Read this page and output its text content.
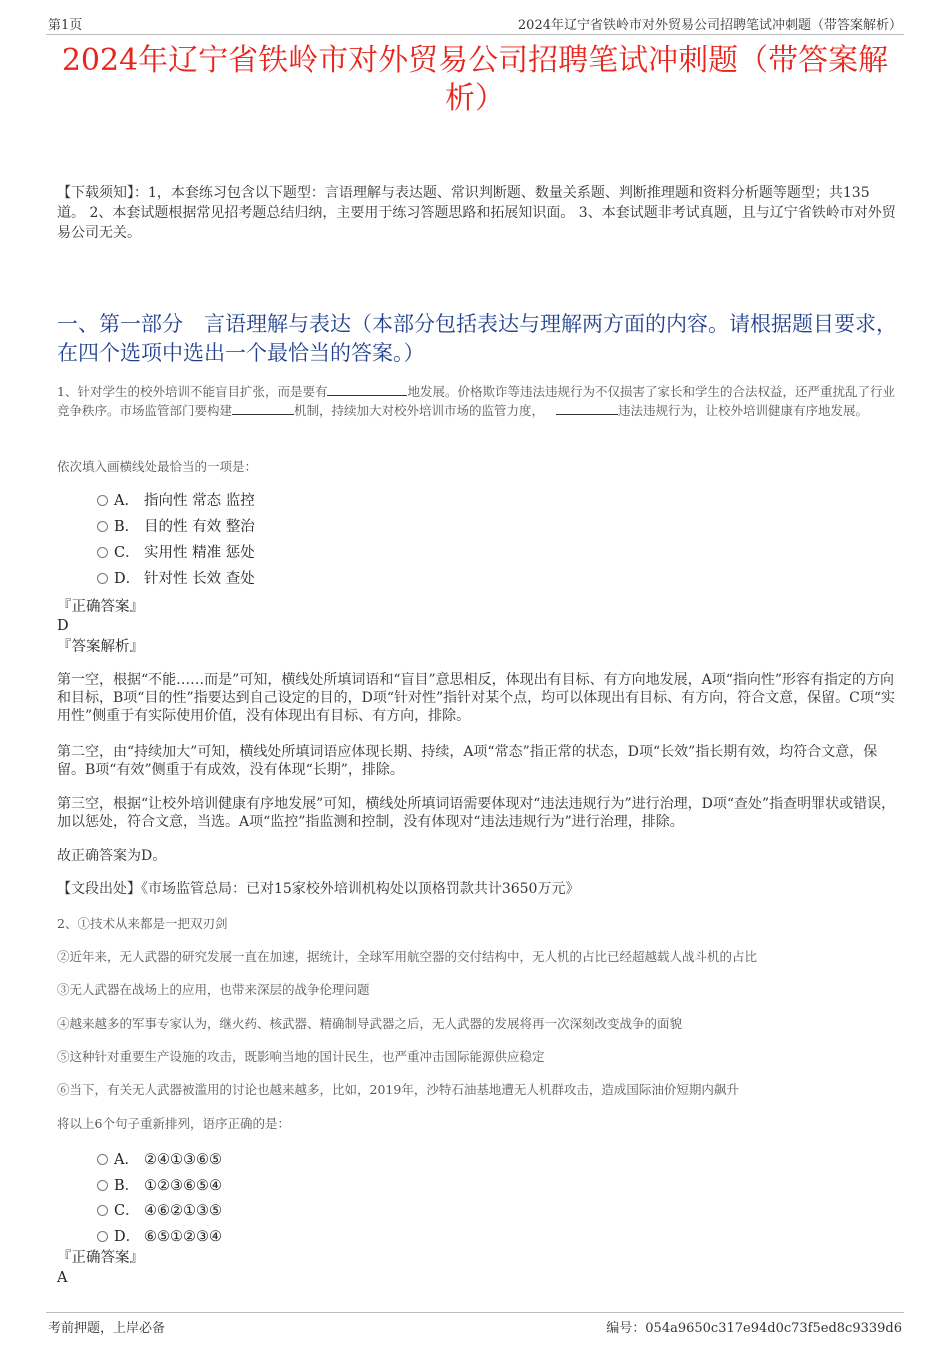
第1页	2024年辽宁省铁岭市对外贸易公司招聘笔试冲刺题（带答案解析）
2024年辽宁省铁岭市对外贸易公司招聘笔试冲刺题（带答案解析）
【下载须知】：1，本套练习包含以下题型：言语理解与表达题、常识判断题、数量关系题、判断推理题和资料分析题等题型；共135道。 2、本套试题根据常见招考题总结归纳，主要用于练习答题思路和拓展知识面。 3、本套试题非考试真题，且与辽宁省铁岭市对外贸易公司无关。
一、第一部分　言语理解与表达（本部分包括表达与理解两方面的内容。请根据题目要求，在四个选项中选出一个最恰当的答案。）
1、针对学生的校外培训不能盲目扩张，而是要有	地发展。价格欺诈等违法违规行为不仅损害了家长和学生的合法权益，还严重扰乱了行业竞争秩序。市场监管部门要构建	机制，持续加大对校外培训市场的监管力度，	违法违规行为，让校外培训健康有序地发展。
依次填入画横线处最恰当的一项是：
A． 指向性 常态 监控
B． 目的性 有效 整治
C． 实用性 精准 惩处
D． 针对性 长效 查处
『正确答案』
D
『答案解析』
第一空，根据“不能……而是”可知，横线处所填词语和“盲目”意思相反，体现出有目标、有方向地发展，A项“指向性”形容有指定的方向和目标，B项“目的性”指要达到自己设定的目的，D项“针对性”指针对某个点，均可以体现出有目标、有方向，符合文意，保留。C项“实用性”侧重于有实际使用价值，没有体现出有目标、有方向，排除。
第二空，由“持续加大”可知，横线处所填词语应体现长期、持续，A项“常态”指正常的状态，D项“长效”指长期有效，均符合文意，保留。B项“有效”侧重于有成效，没有体现“长期”，排除。
第三空，根据“让校外培训健康有序地发展”可知，横线处所填词语需要体现对“违法违规行为”进行治理，D项“查处”指查明罪状或错误，加以惩处，符合文意，当选。A项“监控”指监测和控制，没有体现对“违法违规行为”进行治理，排除。
故正确答案为D。
【文段出处】《市场监管总局：已对15家校外培训机构处以顶格罚款共计3650万元》
2、①技术从来都是一把双刃剑
②近年来，无人武器的研究发展一直在加速，据统计，全球军用航空器的交付结构中，无人机的占比已经超越载人战斗机的占比
③无人武器在战场上的应用，也带来深层的战争伦理问题
④越来越多的军事专家认为，继火药、核武器、精确制导武器之后，无人武器的发展将再一次深刻改变战争的面貌
⑤这种针对重要生产设施的攻击，既影响当地的国计民生，也严重冲击国际能源供应稳定
⑥当下，有关无人武器被滥用的讨论也越来越多，比如，2019年，沙特石油基地遭无人机群攻击，造成国际油价短期内飙升
将以上6个句子重新排列，语序正确的是：
A． ②④①③⑥⑤
B． ①②③⑥⑤④
C． ④⑥②①③⑤
D． ⑥⑤①②③④
『正确答案』
A
考前押题，上岸必备	编号：054a9650c317e94d0c73f5ed8c9339d6
